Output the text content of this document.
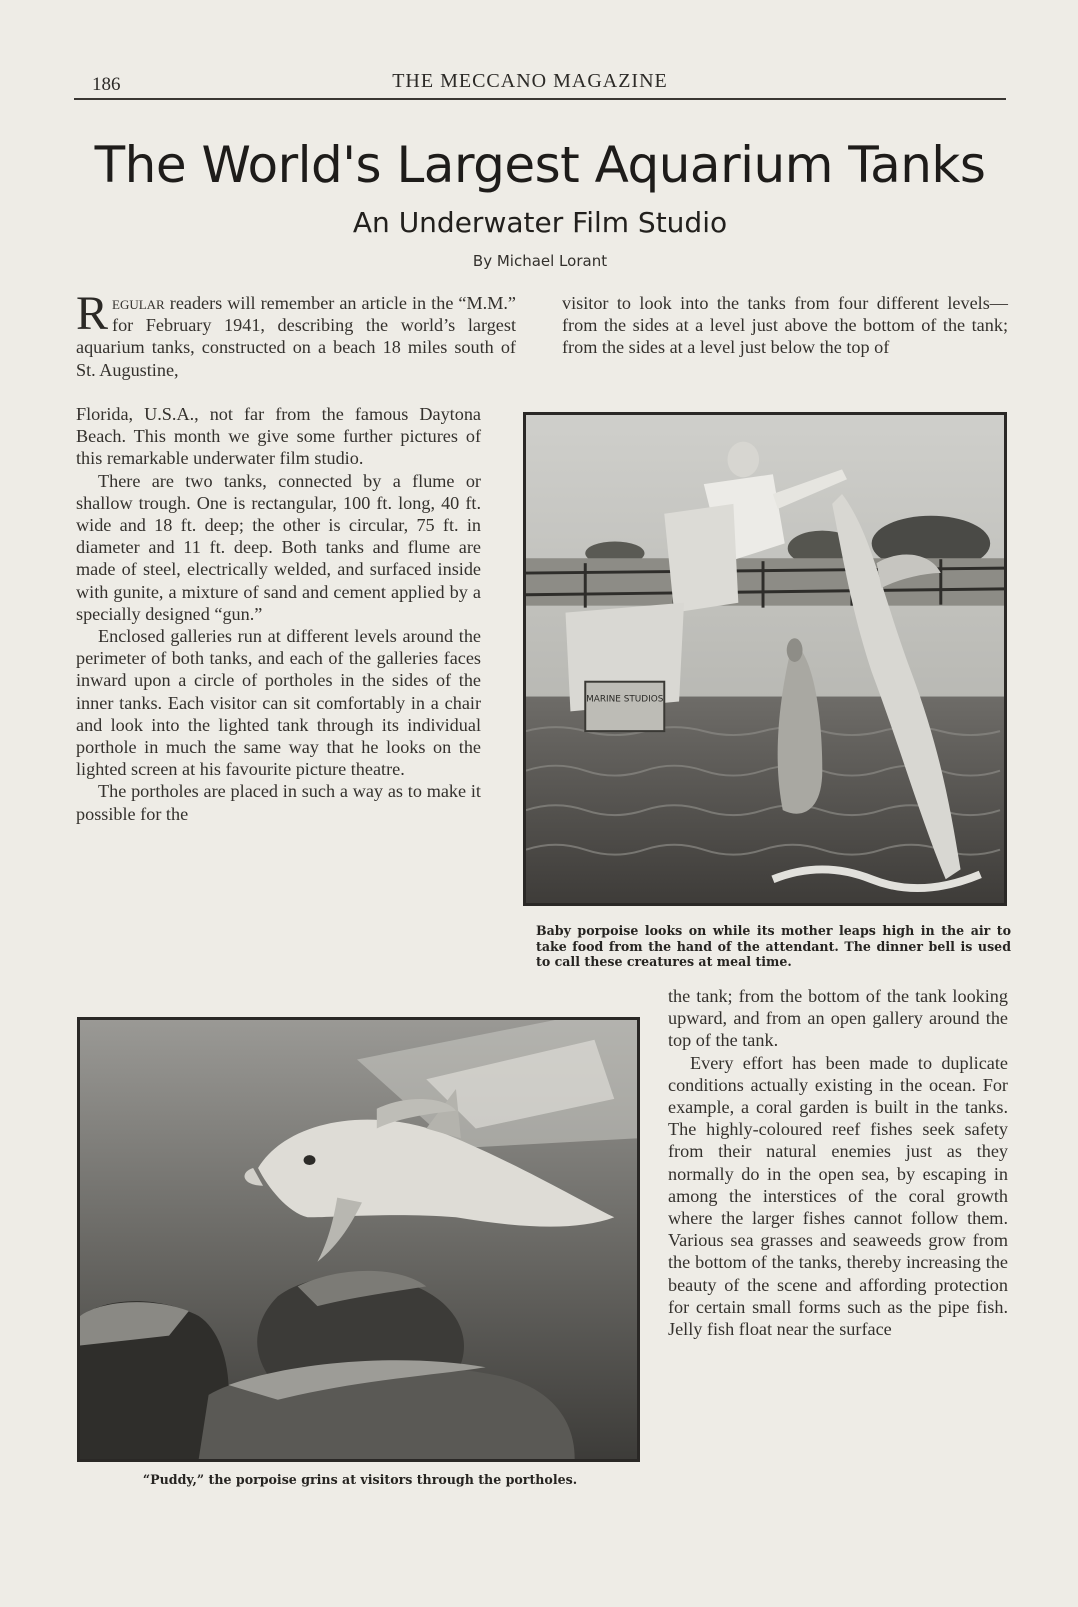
186	THE MECCANO MAGAZINE
The World's Largest Aquarium Tanks
An Underwater Film Studio
By Michael Lorant

Regular readers will remember an article in the “M.M.” for February 1941, describing the world’s largest aquarium tanks, constructed on a beach 18 miles south of St. Augustine,

Florida, U.S.A., not far from the famous Daytona Beach. This month we give some further pictures of this remarkable underwater film studio.

There are two tanks, connected by a flume or shallow trough. One is rectangular, 100 ft. long, 40 ft. wide and 18 ft. deep; the other is circular, 75 ft. in diameter and 11 ft. deep. Both tanks and flume are made of steel, electrically welded, and surfaced inside with gunite, a mixture of sand and cement applied by a specially designed “gun.”

Enclosed galleries run at different levels around the perimeter of both tanks, and each of the galleries faces inward upon a circle of portholes in the sides of the inner tanks. Each visitor can sit comfortably in a chair and look into the lighted tank through its individual porthole in much the same way that he looks on the lighted screen at his favourite picture theatre.

The portholes are placed in such a way as to make it possible for the

visitor to look into the tanks from four different levels—from the sides at a level just above the bottom of the tank; from the sides at a level just below the top of

MARINE STUDIOS
Baby porpoise looks on while its mother leaps high in the air to take food from the hand of the attendant. The dinner bell is used to call these creatures at meal time.
“Puddy,” the porpoise grins at visitors through the portholes.

the tank; from the bottom of the tank looking upward, and from an open gallery around the top of the tank.

Every effort has been made to duplicate conditions actually existing in the ocean. For example, a coral garden is built in the tanks. The highly-coloured reef fishes seek safety from their natural enemies just as they normally do in the open sea, by escaping in among the interstices of the coral growth where the larger fishes cannot follow them. Various sea grasses and seaweeds grow from the bottom of the tanks, thereby increasing the beauty of the scene and affording protection for certain small forms such as the pipe fish. Jelly fish float near the surface
